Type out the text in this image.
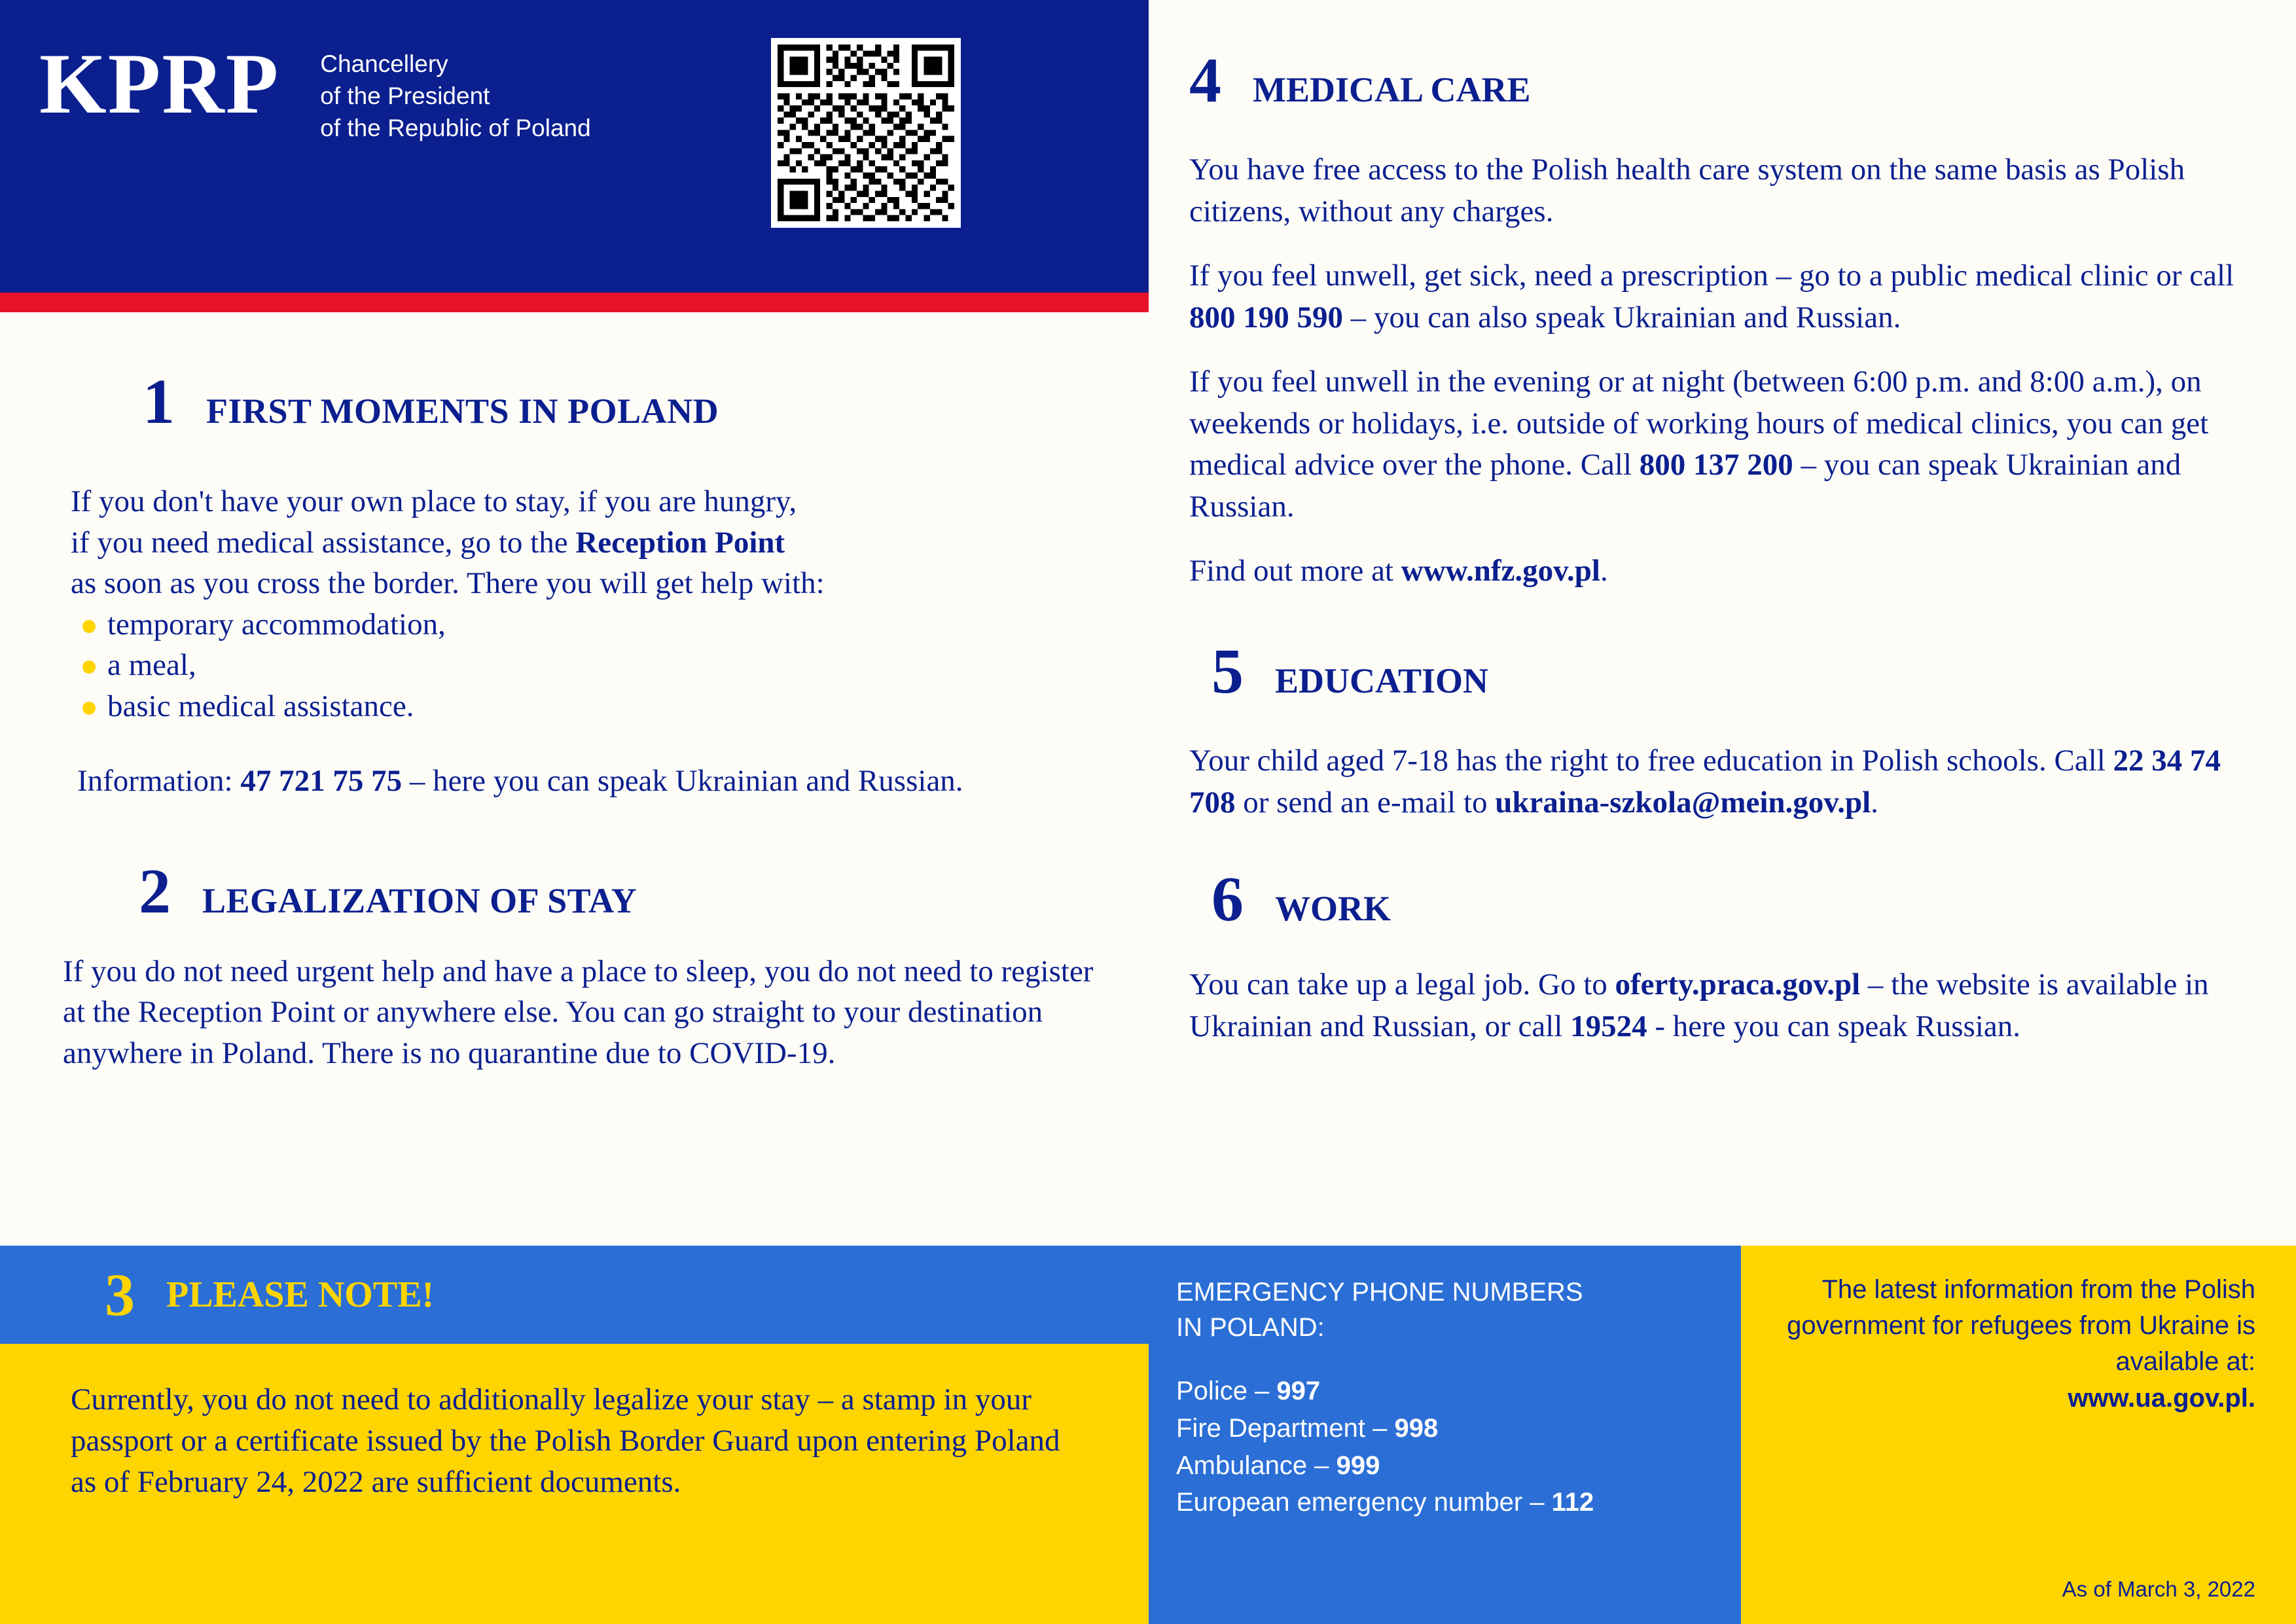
KPRP Chancellery
of the President
of the Republic of Poland
EN
1 FIRST MOMENTS IN POLAND
If you don't have your own place to stay, if you are hungry,
if you need medical assistance, go to the Reception Point
as soon as you cross the border. There you will get help with:
temporary accommodation,
a meal,
basic medical assistance.
Information: 47 721 75 75 – here you can speak Ukrainian and Russian.
2 LEGALIZATION OF STAY
If you do not need urgent help and have a place to sleep, you do not need to register at the Reception Point or anywhere else. You can go straight to your destination anywhere in Poland. There is no quarantine due to COVID-19.
4 MEDICAL CARE
You have free access to the Polish health care system on the same basis as Polish citizens, without any charges.
If you feel unwell, get sick, need a prescription – go to a public medical clinic or call 800 190 590 – you can also speak Ukrainian and Russian.
If you feel unwell in the evening or at night (between 6:00 p.m. and 8:00 a.m.), on weekends or holidays, i.e. outside of working hours of medical clinics, you can get medical advice over the phone. Call 800 137 200 – you can speak Ukrainian and Russian.
Find out more at www.nfz.gov.pl.
5 EDUCATION
Your child aged 7-18 has the right to free education in Polish schools. Call 22 34 74 708 or send an e-mail to ukraina-szkola@mein.gov.pl.
6 WORK
You can take up a legal job. Go to oferty.praca.gov.pl – the website is available in Ukrainian and Russian, or call 19524 - here you can speak Russian.
3 PLEASE NOTE!

Currently, you do not need to additionally legalize your stay – a stamp in your passport or a certificate issued by the Polish Border Guard upon entering Poland as of February 24, 2022 are sufficient documents.

EMERGENCY PHONE NUMBERS
IN POLAND:
Police – 997
Fire Department – 998
Ambulance – 999
European emergency number – 112
The latest information from the Polish government for refugees from Ukraine is available at:
www.ua.gov.pl.
As of March 3, 2022
